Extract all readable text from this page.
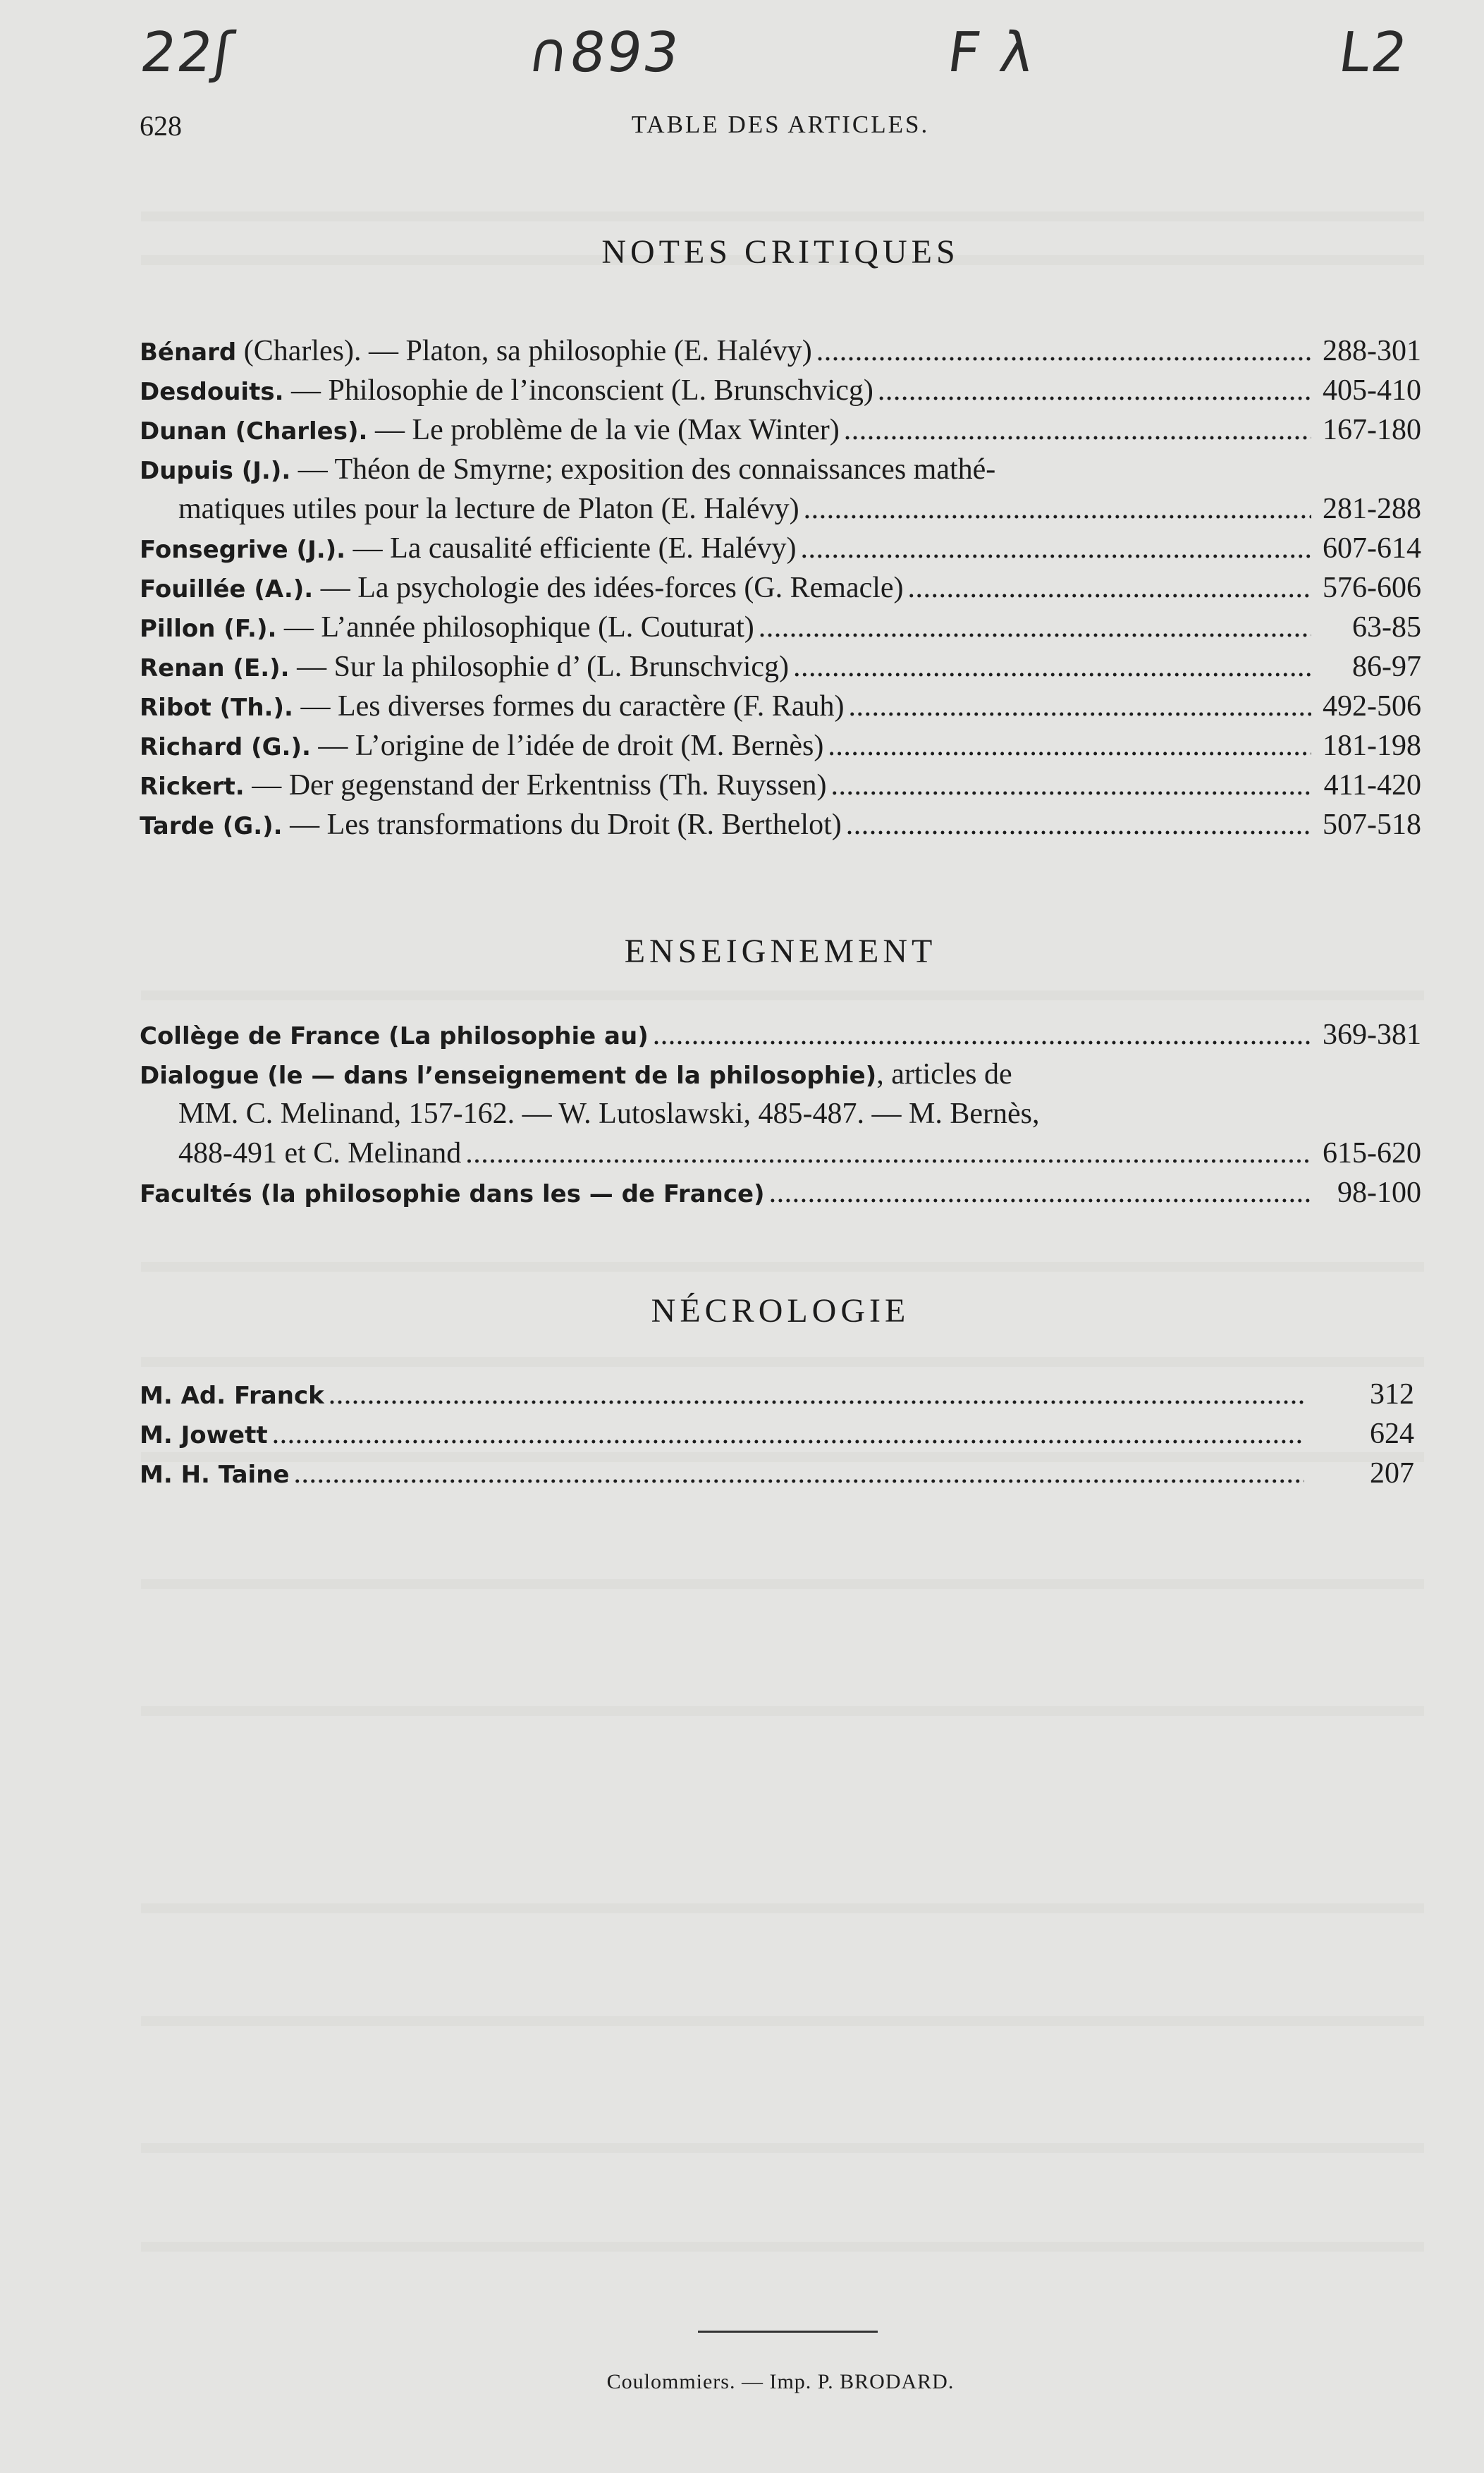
22ʃ	∩893	F λ	L2
628	TABLE DES ARTICLES.
NOTES CRITIQUES
Bénard (Charles). — Platon, sa philosophie (E. Halévy) . . .	288-301
Desdouits. — Philosophie de l’inconscient (L. Brunschvicg) . . .	405-410
Dunan (Charles). — Le problème de la vie (Max Winter) . . .	167-180
Dupuis (J.). — Théon de Smyrne; exposition des connaissances mathé-
matiques utiles pour la lecture de Platon (E. Halévy) . . .	281-288
Fonsegrive (J.). — La causalité efficiente (E. Halévy) . . .	607-614
Fouillée (A.). — La psychologie des idées-forces (G. Remacle) . . .	576-606
Pillon (F.). — L’année philosophique (L. Couturat) . . .	63-85
Renan (E.). — Sur la philosophie d’ (L. Brunschvicg) . . .	86-97
Ribot (Th.). — Les diverses formes du caractère (F. Rauh) . . .	492-506
Richard (G.). — L’origine de l’idée de droit (M. Bernès) . . .	181-198
Rickert. — Der gegenstand der Erkentniss (Th. Ruyssen) . . .	411-420
Tarde (G.). — Les transformations du Droit (R. Berthelot) . . .	507-518
ENSEIGNEMENT
Collège de France (La philosophie au) . . .	369-381
Dialogue (le — dans l’enseignement de la philosophie), articles de
MM. C. Melinand, 157-162. — W. Lutoslawski, 485-487. — M. Bernès,
488-491 et C. Melinand . . .	615-620
Facultés (la philosophie dans les — de France) . . .	98-100
NÉCROLOGIE
M. Ad. Franck . . .	312
M. Jowett . . .	624
M. H. Taine . . .	207
Coulommiers. — Imp. P. BRODARD.
